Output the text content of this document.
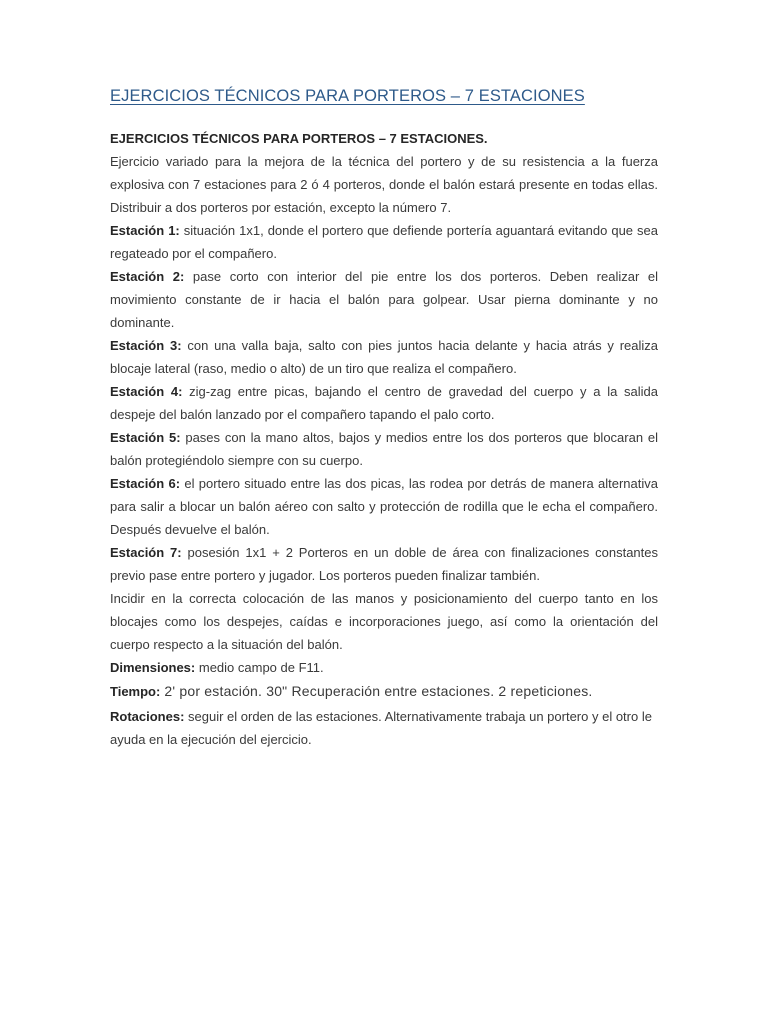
EJERCICIOS TÉCNICOS PARA PORTEROS – 7 ESTACIONES
EJERCICIOS TÉCNICOS PARA PORTEROS – 7 ESTACIONES.

Ejercicio variado para la mejora de la técnica del portero y de su resistencia a la fuerza explosiva con 7 estaciones para 2 ó 4 porteros, donde el balón estará presente en todas ellas. Distribuir a dos porteros por estación, excepto la número 7.

Estación 1: situación 1x1, donde el portero que defiende portería aguantará evitando que sea regateado por el compañero.

Estación 2: pase corto con interior del pie entre los dos porteros. Deben realizar el movimiento constante de ir hacia el balón para golpear. Usar pierna dominante y no dominante.

Estación 3: con una valla baja, salto con pies juntos hacia delante y hacia atrás y realiza blocaje lateral (raso, medio o alto) de un tiro que realiza el compañero.

Estación 4: zig-zag entre picas, bajando el centro de gravedad del cuerpo y a la salida despeje del balón lanzado por el compañero tapando el palo corto.

Estación 5: pases con la mano altos, bajos y medios entre los dos porteros que blocaran el balón protegiéndolo siempre con su cuerpo.

Estación 6: el portero situado entre las dos picas, las rodea por detrás de manera alternativa para salir a blocar un balón aéreo con salto y protección de rodilla que le echa el compañero. Después devuelve el balón.

Estación 7: posesión 1x1 + 2 Porteros en un doble de área con finalizaciones constantes previo pase entre portero y jugador. Los porteros pueden finalizar también.

Incidir en la correcta colocación de las manos y posicionamiento del cuerpo tanto en los blocajes como los despejes, caídas e incorporaciones juego, así como la orientación del cuerpo respecto a la situación del balón.

Dimensiones: medio campo de F11.

Tiempo: 2' por estación. 30" Recuperación entre estaciones. 2 repeticiones.

Rotaciones: seguir el orden de las estaciones. Alternativamente trabaja un portero y el otro le ayuda en la ejecución del ejercicio.
